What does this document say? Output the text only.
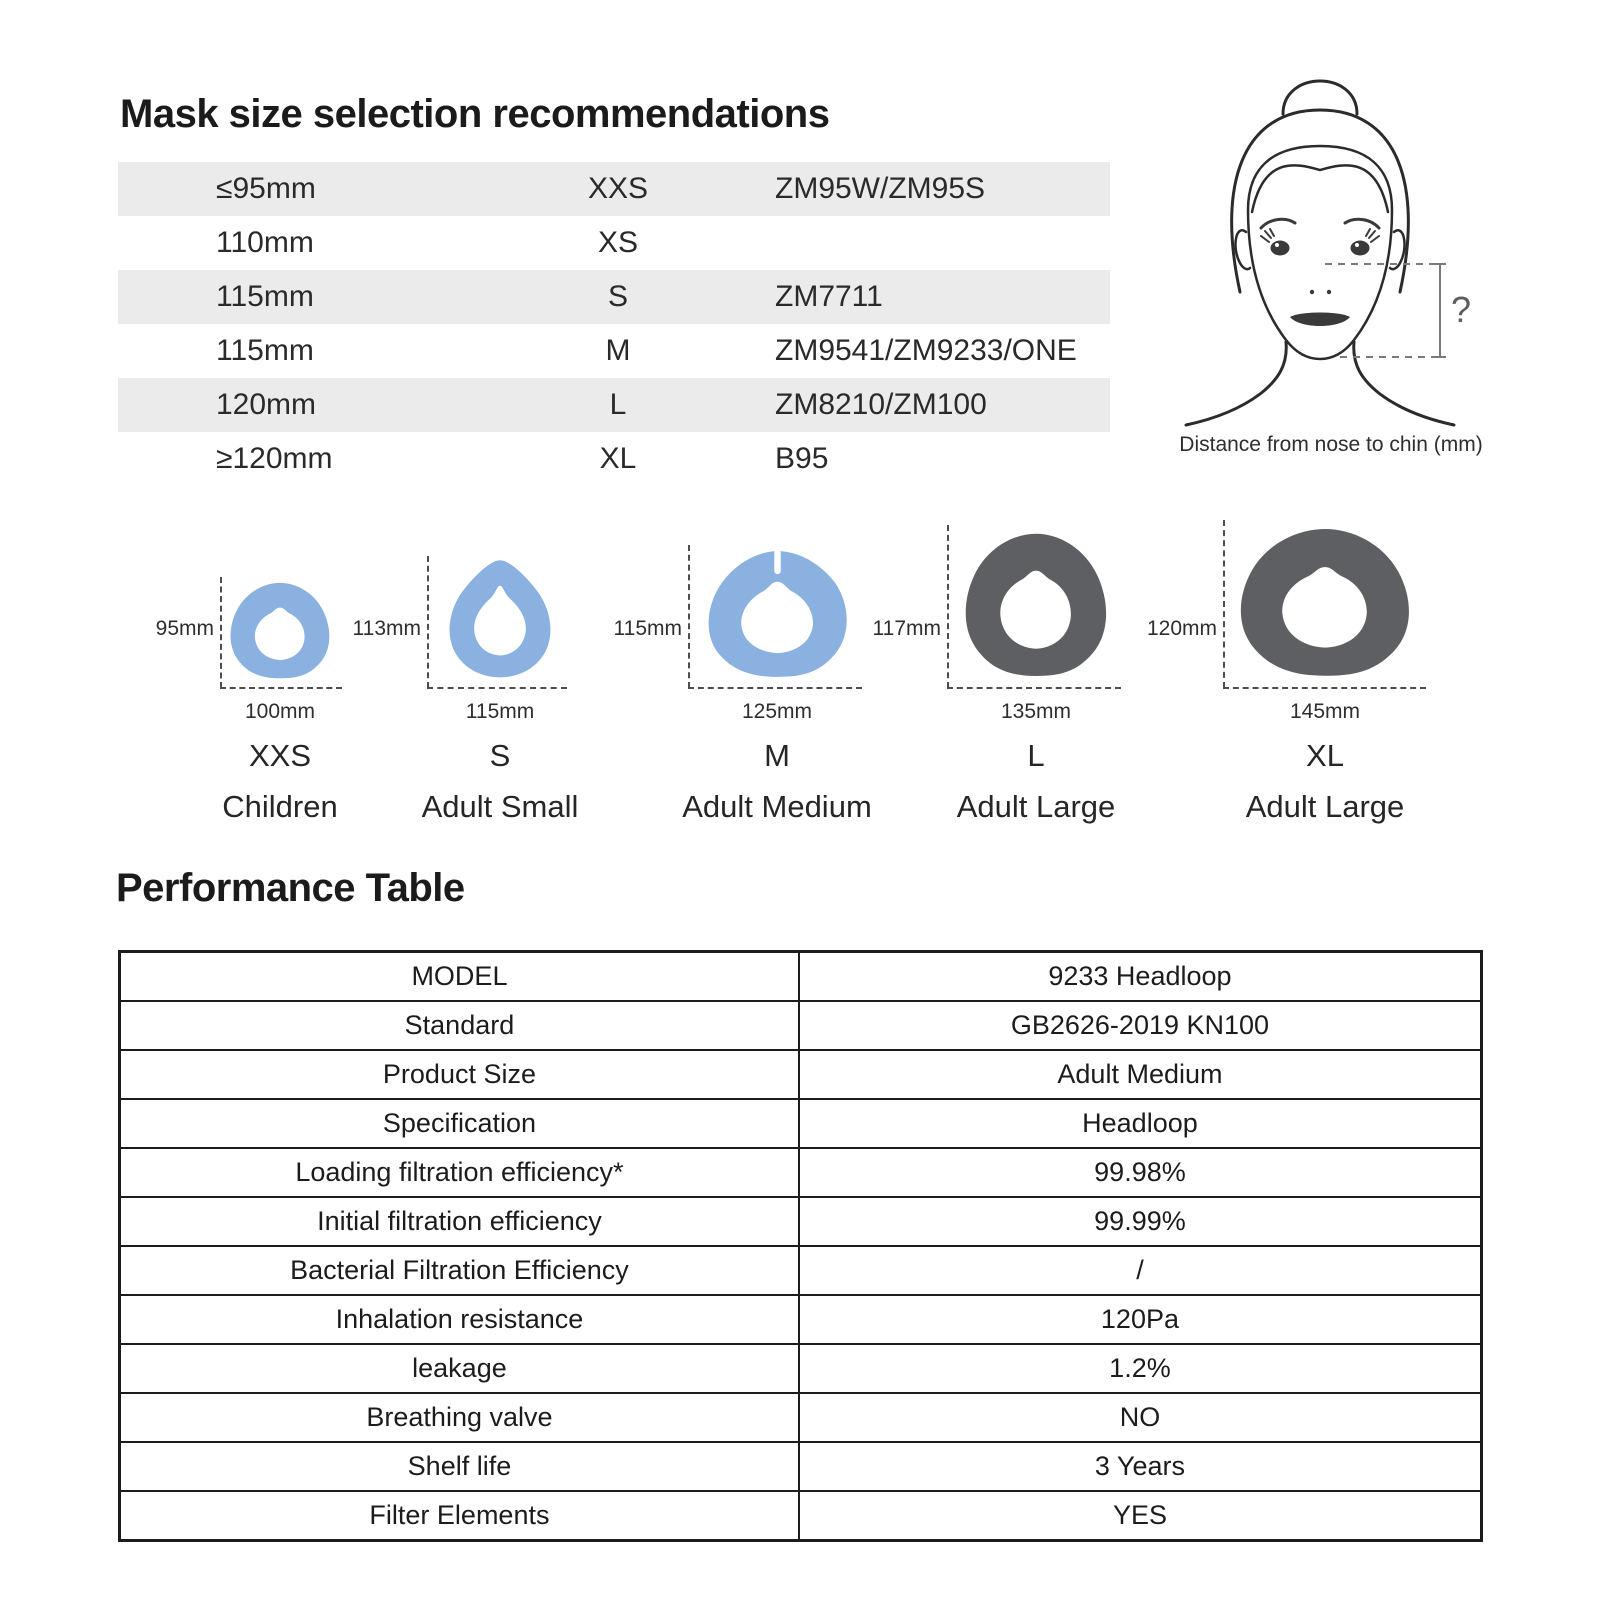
Mask size selection recommendations
≤95mm	XXS	ZM95W/ZM95S
110mm	XS
115mm	S	ZM7711
115mm	M	ZM9541/ZM9233/ONE
120mm	L	ZM8210/ZM100
≥120mm	XL	B95
?
Distance from nose to chin (mm)
95mm
100mm
XXS
Children
113mm
115mm
S
Adult Small
115mm
125mm
M
Adult Medium
117mm
135mm
L
Adult Large
120mm
145mm
XL
Adult Large
Performance Table
MODEL	9233 Headloop
Standard	GB2626-2019 KN100
Product Size	Adult Medium
Specification	Headloop
Loading filtration efficiency*	99.98%
Initial filtration efficiency	99.99%
Bacterial Filtration Efficiency	/
Inhalation resistance	120Pa
leakage	1.2%
Breathing valve	NO
Shelf life	3 Years
Filter Elements	YES
